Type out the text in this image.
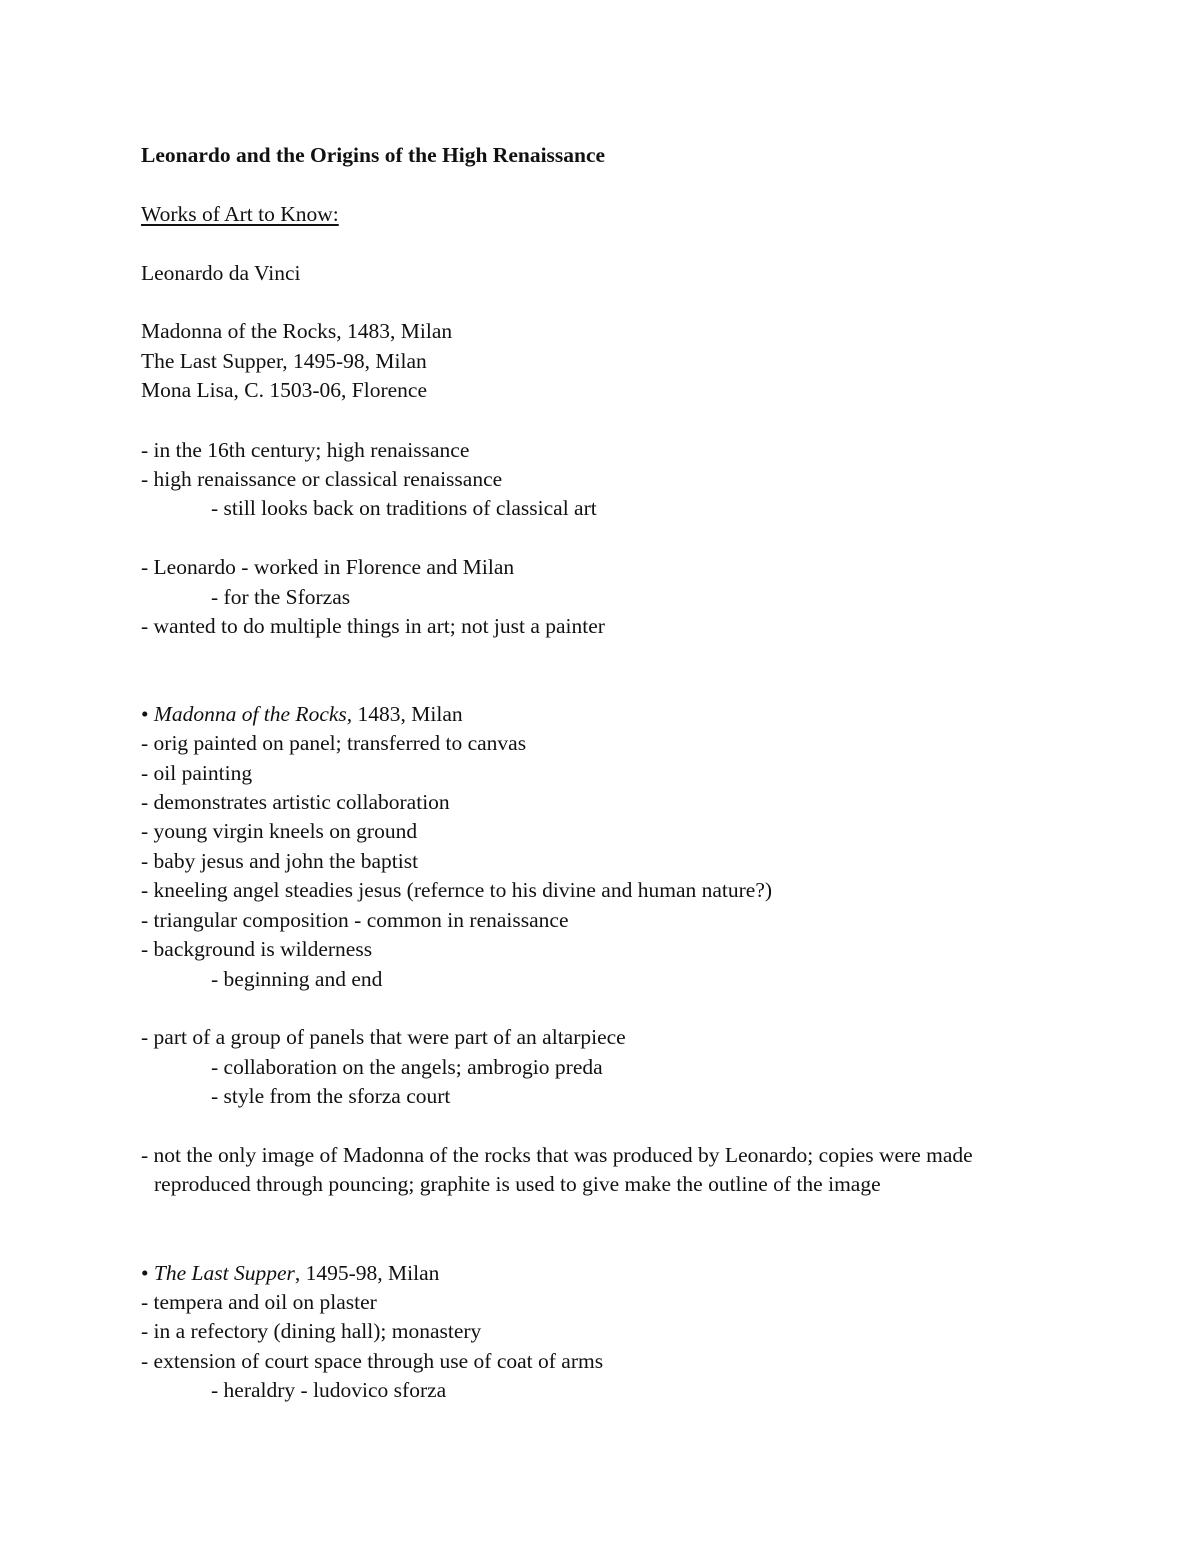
Leonardo and the Origins of the High Renaissance
Works of Art to Know:
Leonardo da Vinci
Madonna of the Rocks, 1483, Milan
The Last Supper, 1495-98, Milan
Mona Lisa, C. 1503-06, Florence
- in the 16th century; high renaissance
- high renaissance or classical renaissance
- still looks back on traditions of classical art
- Leonardo - worked in Florence and Milan
- for the Sforzas
- wanted to do multiple things in art; not just a painter
• Madonna of the Rocks, 1483, Milan
- orig painted on panel; transferred to canvas
- oil painting
- demonstrates artistic collaboration
- young virgin kneels on ground
- baby jesus and john the baptist
- kneeling angel steadies jesus (refernce to his divine and human nature?)
- triangular composition - common in renaissance
- background is wilderness
- beginning and end
- part of a group of panels that were part of an altarpiece
- collaboration on the angels; ambrogio preda
- style from the sforza court
- not the only image of Madonna of the rocks that was produced by Leonardo; copies were made
reproduced through pouncing; graphite is used to give make the outline of the image
• The Last Supper, 1495-98, Milan
- tempera and oil on plaster
- in a refectory (dining hall); monastery
- extension of court space through use of coat of arms
- heraldry - ludovico sforza
